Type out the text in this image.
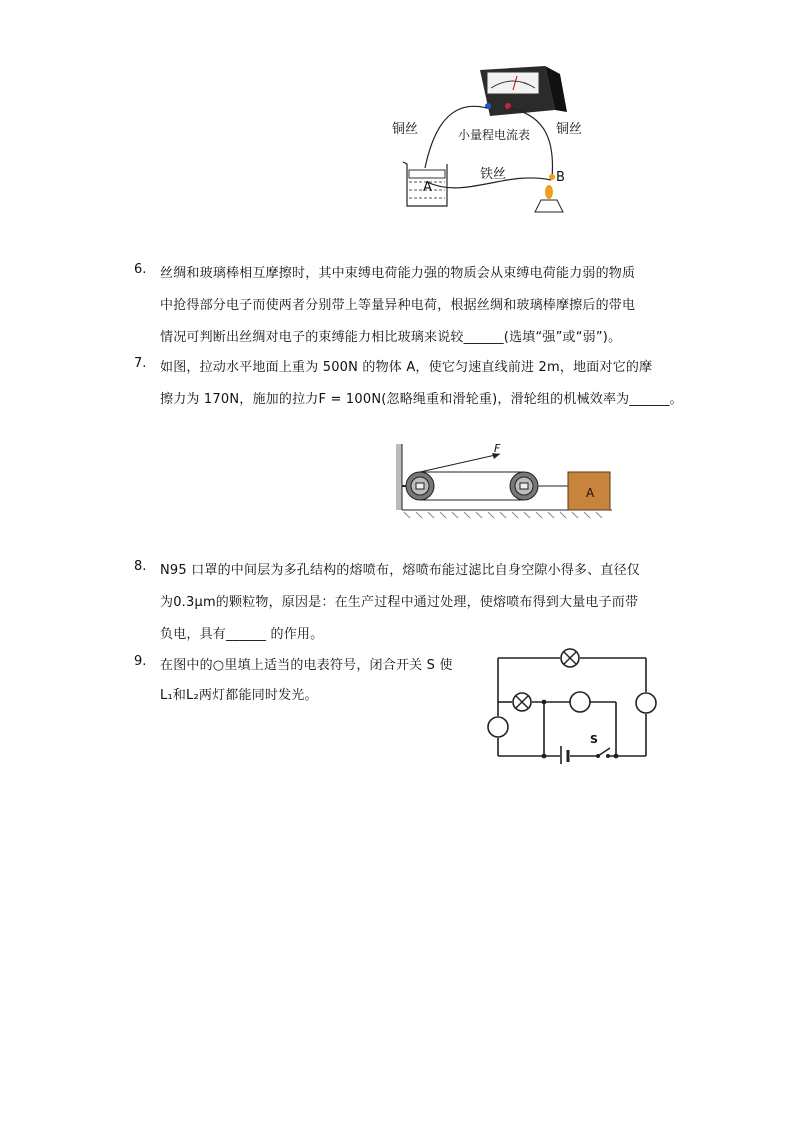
小量程电流表
铜丝	铜丝
铁丝
A
B
6. 丝绸和玻璃棒相互摩擦时，其中束缚电荷能力强的物质会从束缚电荷能力弱的物质
中抢得部分电子而使两者分别带上等量异种电荷，根据丝绸和玻璃棒摩擦后的带电
情况可判断出丝绸对电子的束缚能力相比玻璃来说较______(选填“强”或“弱”)。
7. 如图，拉动水平地面上重为 500N 的物体 A，使它匀速直线前进 2m，地面对它的摩
擦力为 170N，施加的拉力F = 100N(忽略绳重和滑轮重)，滑轮组的机械效率为______。
F
A
8. N95 口罩的中间层为多孔结构的熔喷布，熔喷布能过滤比自身空隙小得多、直径仅
为0.3μm的颗粒物，原因是：在生产过程中通过处理，使熔喷布得到大量电子而带
负电，具有______ 的作用。
9. 在图中的○里填上适当的电表符号，闭合开关 S 使
L₁和L₂两灯都能同时发光。
S
